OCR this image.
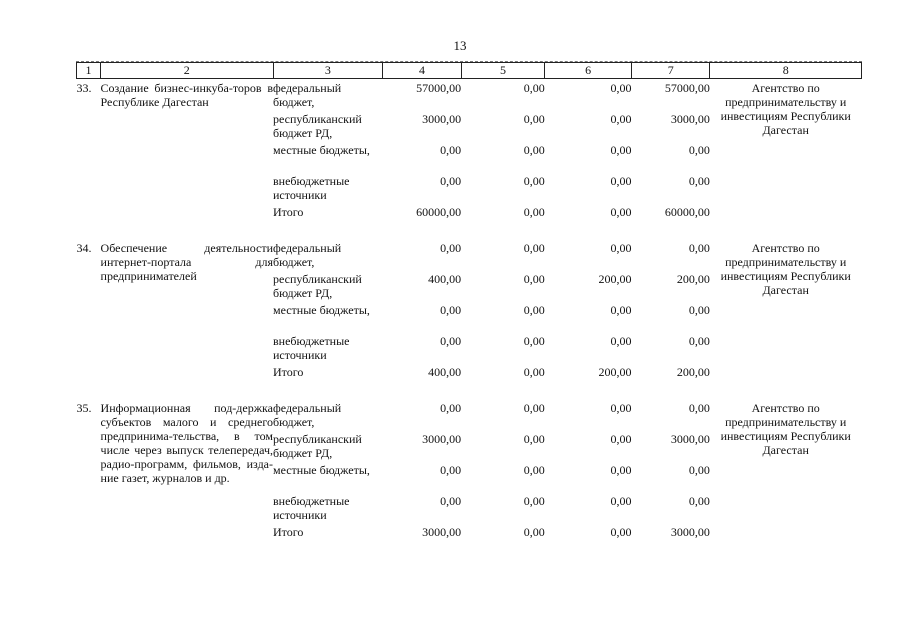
13
1	2	3	4	5	6	7	8
33.	Создание бизнес-инкуба-торов в Республике Дагестан	федеральный бюджет,	57000,00	0,00	0,00	57000,00	Агентство по предпринимательству и инвестициям Республики Дагестан

		республиканский бюджет РД,	3000,00	0,00	0,00	3000,00	

		местные бюджеты,	0,00	0,00	0,00	0,00	

		внебюджетные источники	0,00	0,00	0,00	0,00	
		Итого	60000,00	0,00	0,00	60000,00	

34.	Обеспечение деятельности интернет-портала для предпринимателей	федеральный бюджет,	0,00	0,00	0,00	0,00	Агентство по предпринимательству и инвестициям Республики Дагестан

		республиканский бюджет РД,	400,00	0,00	200,00	200,00	

		местные бюджеты,	0,00	0,00	0,00	0,00	

		внебюджетные источники	0,00	0,00	0,00	0,00	
		Итого	400,00	0,00	200,00	200,00	

35.	Информационная под-держка субъектов малого и среднего предпринима-тельства, в том числе через выпуск телепередач, радио-программ, фильмов, изда-ние газет, журналов и др.	федеральный бюджет,	0,00	0,00	0,00	0,00	Агентство по предпринимательству и инвестициям Республики Дагестан

		республиканский бюджет РД,	3000,00	0,00	0,00	3000,00	

		местные бюджеты,	0,00	0,00	0,00	0,00	

		внебюджетные источники	0,00	0,00	0,00	0,00	
		Итого	3000,00	0,00	0,00	3000,00	
